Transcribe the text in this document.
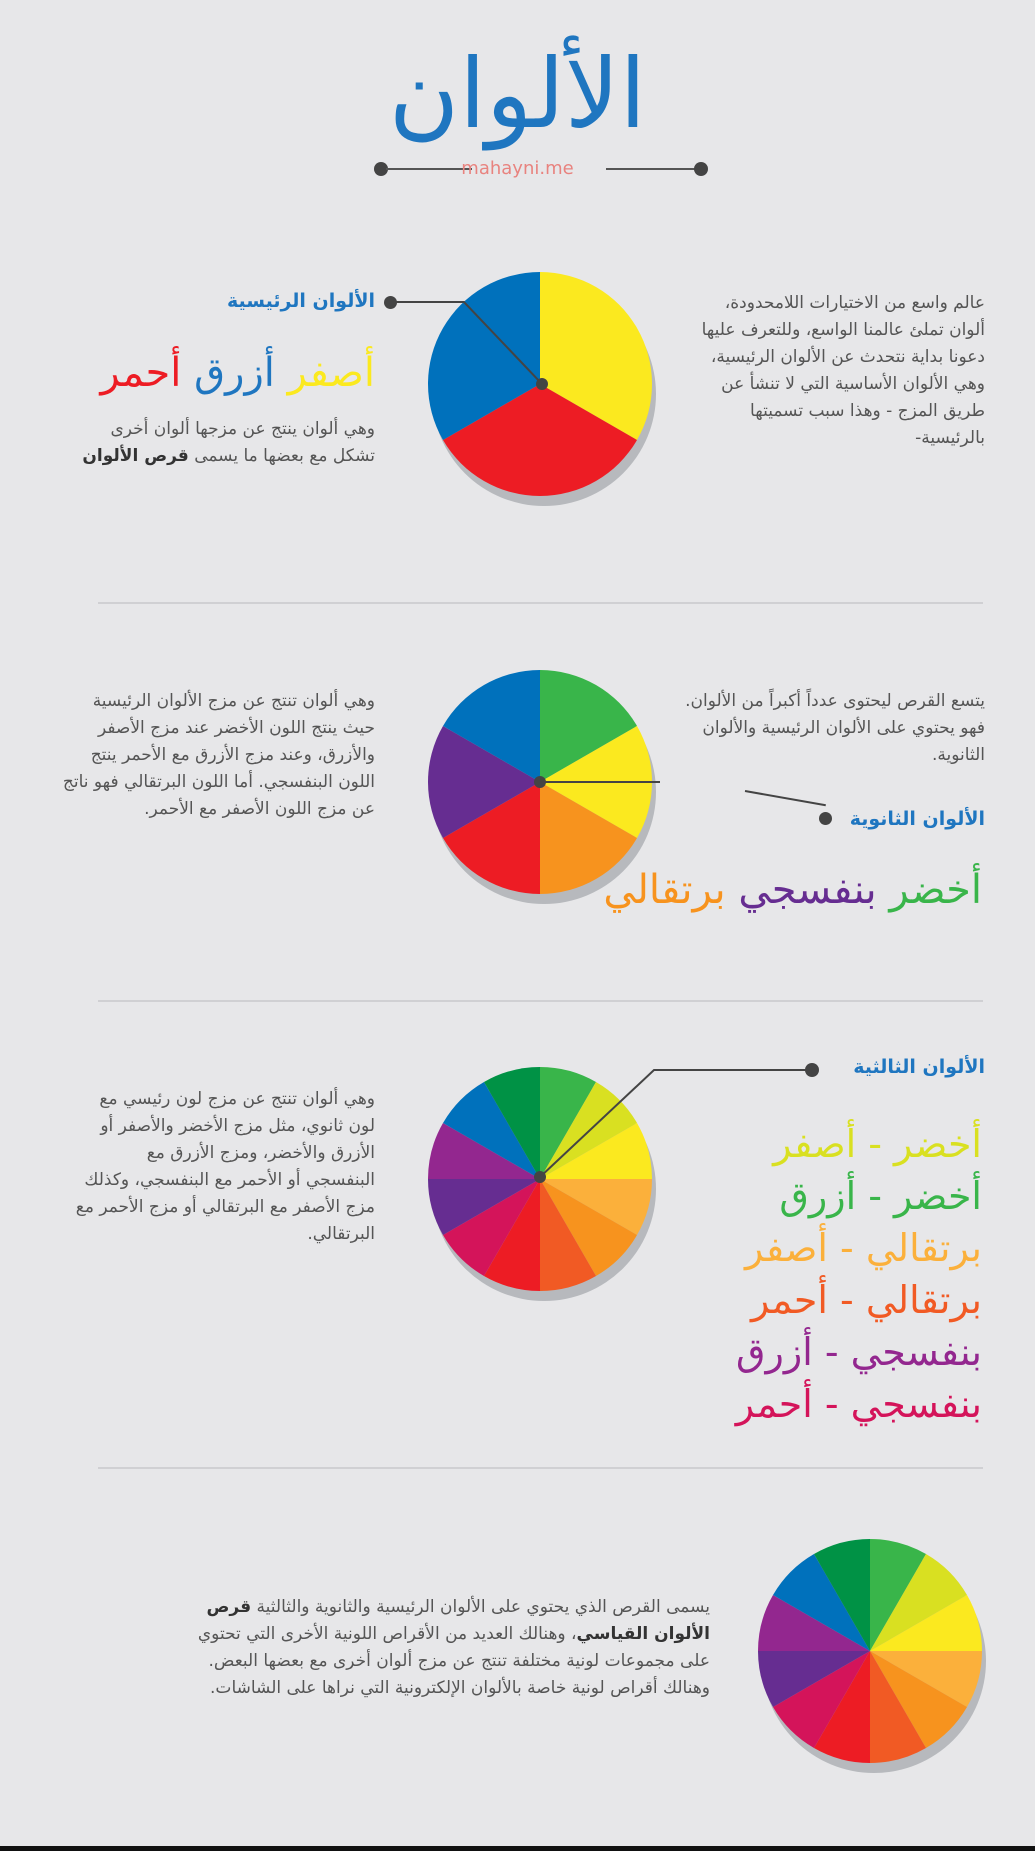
الألوان
mahayni.me
الألوان الرئيسية
أصفر أزرق أحمر
وهي ألوان ينتج عن مزجها ألوان أخرى تشكل مع بعضها ما يسمى قرص الألوان
عالم واسع من الاختيارات اللامحدودة، ألوان تملئ عالمنا الواسع، وللتعرف عليها دعونا بداية نتحدث عن الألوان الرئيسية، وهي الألوان الأساسية التي لا تنشأ عن طريق المزج - وهذا سبب تسميتها بالرئيسية-
يتسع القرص ليحتوى عدداً أكبراً من الألوان. فهو يحتوي على الألوان الرئيسية والألوان الثانوية.
الألوان الثانوية
أخضر بنفسجي برتقالي
وهي ألوان تنتج عن مزج الألوان الرئيسية حيث ينتج اللون الأخضر عند مزج الأصفر والأزرق، وعند مزج الأزرق مع الأحمر ينتج اللون البنفسجي. أما اللون البرتقالي فهو ناتج عن مزج اللون الأصفر مع الأحمر.
الألوان الثالثية
أخضر - أصفر
أخضر - أزرق
برتقالي - أصفر
برتقالي - أحمر
بنفسجي - أزرق
بنفسجي - أحمر
وهي ألوان تنتج عن مزج لون رئيسي مع لون ثانوي، مثل مزج الأخضر والأصفر أو الأزرق والأخضر، ومزج الأزرق مع البنفسجي أو الأحمر مع البنفسجي، وكذلك مزج الأصفر مع البرتقالي أو مزج الأحمر مع البرتقالي.
يسمى القرص الذي يحتوي على الألوان الرئيسية والثانوية والثالثية قرص الألوان القياسي، وهنالك العديد من الأقراص اللونية الأخرى التي تحتوي على مجموعات لونية مختلفة تنتج عن مزج ألوان أخرى مع بعضها البعض. وهنالك أقراص لونية خاصة بالألوان الإلكترونية التي نراها على الشاشات.
